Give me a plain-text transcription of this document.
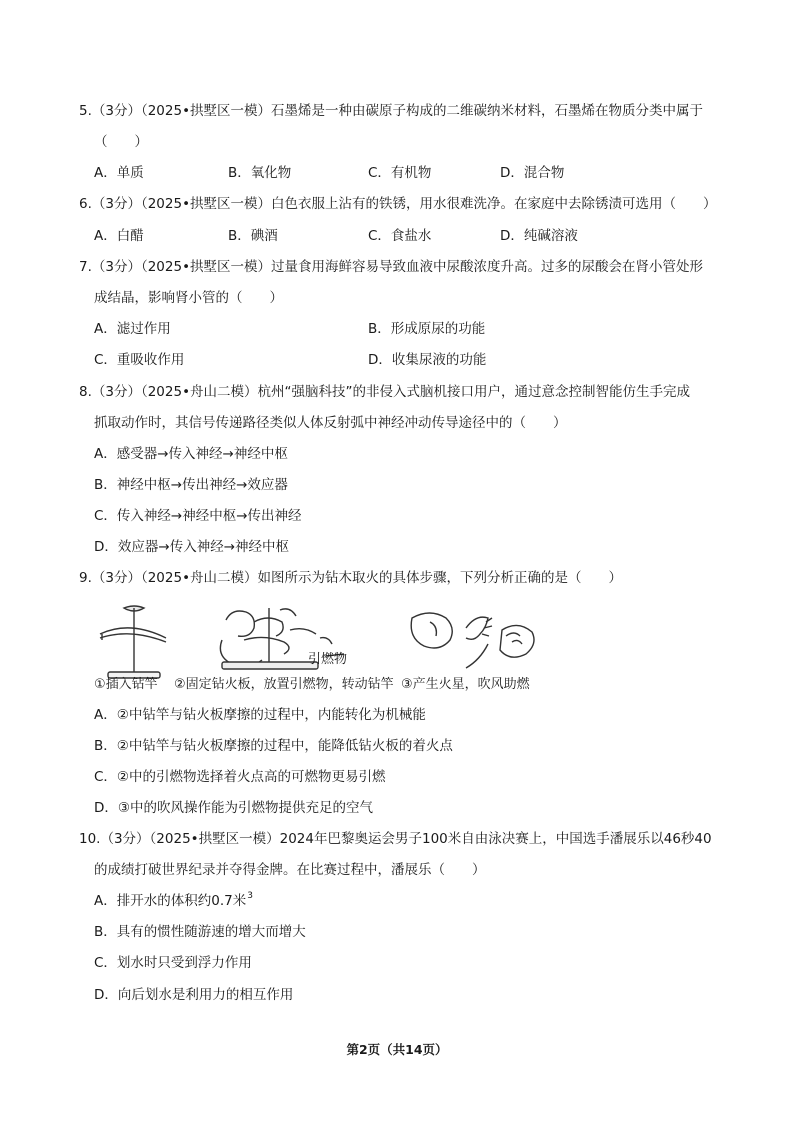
5.（3分）（2025•拱墅区一模）石墨烯是一种由碳原子构成的二维碳纳米材料，石墨烯在物质分类中属于
（　　）
A．单质	B．氧化物	C．有机物	D．混合物
6.（3分）（2025•拱墅区一模）白色衣服上沾有的铁锈，用水很难洗净。在家庭中去除锈渍可选用（　　）
A．白醋	B．碘酒	C．食盐水	D．纯碱溶液
7.（3分）（2025•拱墅区一模）过量食用海鲜容易导致血液中尿酸浓度升高。过多的尿酸会在肾小管处形
成结晶，影响肾小管的（　　）
A．滤过作用	B．形成原尿的功能
C．重吸收作用	D．收集尿液的功能
8.（3分）（2025•舟山二模）杭州“强脑科技”的非侵入式脑机接口用户，通过意念控制智能仿生手完成
抓取动作时，其信号传递路径类似人体反射弧中神经冲动传导途径中的（　　）
A．感受器→传入神经→神经中枢
B．神经中枢→传出神经→效应器
C．传入神经→神经中枢→传出神经
D．效应器→传入神经→神经中枢
9.（3分）（2025•舟山二模）如图所示为钻木取火的具体步骤，下列分析正确的是（　　）
引燃物
①插入钻竿 ②固定钻火板，放置引燃物，转动钻竿 ③产生火星，吹风助燃
A．②中钻竿与钻火板摩擦的过程中，内能转化为机械能
B．②中钻竿与钻火板摩擦的过程中，能降低钻火板的着火点
C．②中的引燃物选择着火点高的可燃物更易引燃
D．③中的吹风操作能为引燃物提供充足的空气
10.（3分）（2025•拱墅区一模）2024年巴黎奥运会男子100米自由泳决赛上，中国选手潘展乐以46秒40
的成绩打破世界纪录并夺得金牌。在比赛过程中，潘展乐（　　）
A．排开水的体积约0.7米$^3$
B．具有的惯性随游速的增大而增大
C．划水时只受到浮力作用
D．向后划水是利用力的相互作用
第2页（共14页）
